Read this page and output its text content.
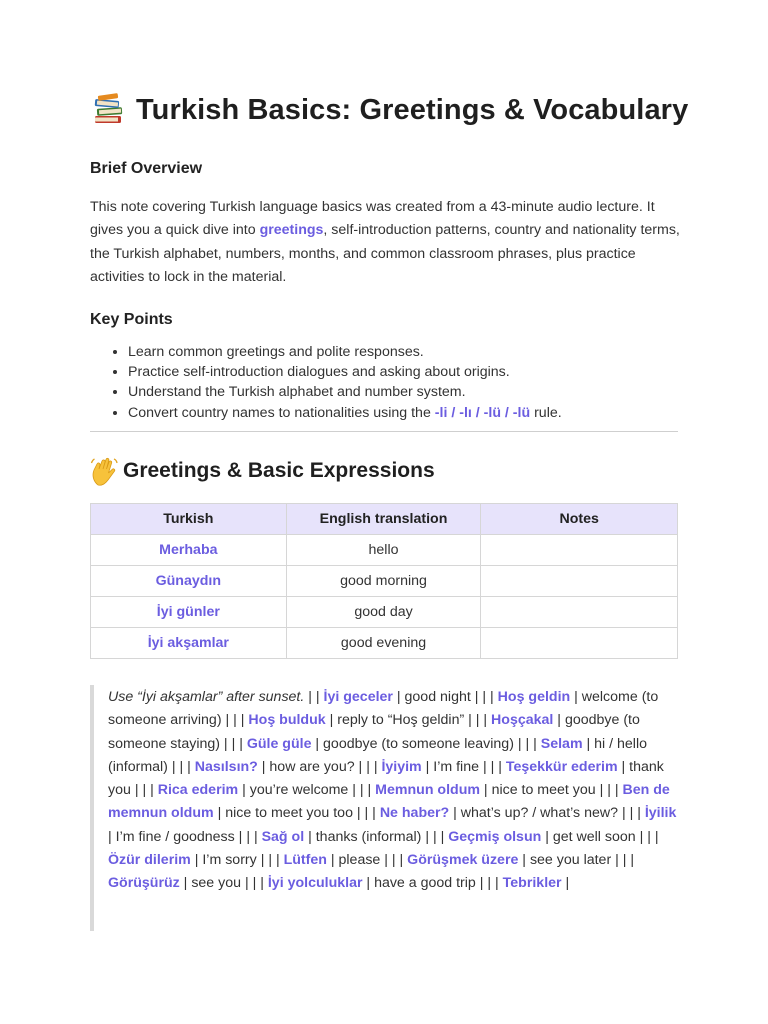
Turkish Basics: Greetings & Vocabulary
Brief Overview
This note covering Turkish language basics was created from a 43-minute audio lecture. It gives you a quick dive into greetings, self-introduction patterns, country and nationality terms, the Turkish alphabet, numbers, months, and common classroom phrases, plus practice activities to lock in the material.
Key Points
• Learn common greetings and polite responses.
• Practice self-introduction dialogues and asking about origins.
• Understand the Turkish alphabet and number system.
• Convert country names to nationalities using the -li / -lı / -lü / -lü rule.
Greetings & Basic Expressions
Turkish	English translation	Notes
Merhaba	hello	
Günaydın	good morning	
İyi günler	good day	
İyi akşamlar	good evening	
Use “İyi akşamlar” after sunset. | | İyi geceler | good night | | | Hoş geldin | welcome (to someone arriving) | | | Hoş bulduk | reply to “Hoş geldin” | | | Hoşçakal | goodbye (to someone staying) | | | Güle güle | goodbye (to someone leaving) | | | Selam | hi / hello (informal) | | | Nasılsın? | how are you? | | | İyiyim | I’m fine | | | Teşekkür ederim | thank you | | | Rica ederim | you’re welcome | | | Memnun oldum | nice to meet you | | | Ben de memnun oldum | nice to meet you too | | | Ne haber? | what’s up? / what’s new? | | | İyilik | I’m fine / goodness | | | Sağ ol | thanks (informal) | | | Geçmiş olsun | get well soon | | | Özür dilerim | I’m sorry | | | Lütfen | please | | | Görüşmek üzere | see you later | | | Görüşürüz | see you | | | İyi yolculuklar | have a good trip | | | Tebrikler |
